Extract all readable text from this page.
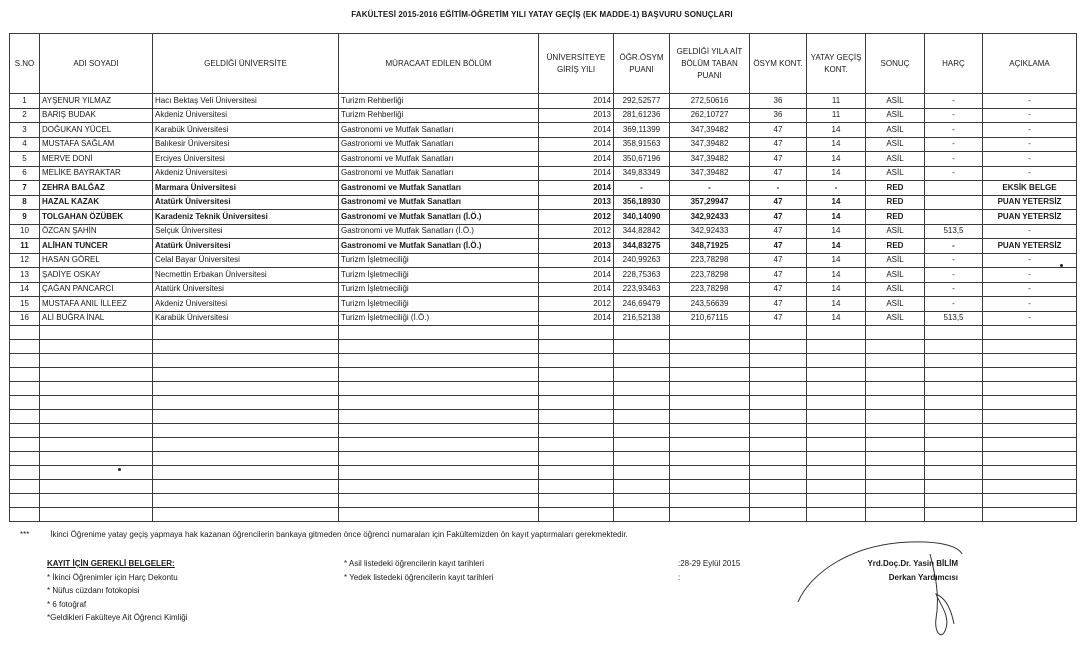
FAKÜLTESİ 2015-2016 EĞİTİM-ÖĞRETİM YILI YATAY GEÇİŞ (EK MADDE-1) BAŞVURU SONUÇLARI
S.NO	ADI SOYADI	GELDİĞİ ÜNİVERSİTE	MÜRACAAT EDİLEN BÖLÜM	ÜNİVERSİTEYE GİRİŞ YILI	ÖĞR.ÖSYM PUANI	GELDİĞİ YILA AİT BÖLÜM TABAN PUANI	ÖSYM KONT.	YATAY GEÇİŞ KONT.	SONUÇ	HARÇ	AÇIKLAMA
1	AYŞENUR YILMAZ	Hacı Bektaş Veli Üniversitesi	Turizm Rehberliği	2014	292,52577	272,50616	36	11	ASİL	-	-
2	BARIŞ BUDAK	Akdeniz Üniversitesi	Turizm Rehberliği	2013	281,61236	262,10727	36	11	ASİL	-	-
3	DOĞUKAN YÜCEL	Karabük Üniversitesi	Gastronomi ve Mutfak Sanatları	2014	369,11399	347,39482	47	14	ASİL	-	-
4	MUSTAFA SAĞLAM	Balıkesir Üniversitesi	Gastronomi ve Mutfak Sanatları	2014	358,91563	347,39482	47	14	ASİL	-	-
5	MERVE DONİ	Erciyes Üniversitesi	Gastronomi ve Mutfak Sanatları	2014	350,67196	347,39482	47	14	ASİL	-	-
6	MELİKE BAYRAKTAR	Akdeniz Üniversitesi	Gastronomi ve Mutfak Sanatları	2014	349,83349	347,39482	47	14	ASİL	-	-
7	ZEHRA BALĞAZ	Marmara Üniversitesi	Gastronomi ve Mutfak Sanatları	2014	-	-	-	-	RED		EKSİK BELGE
8	HAZAL KAZAK	Atatürk Üniversitesi	Gastronomi ve Mutfak Sanatları	2013	356,18930	357,29947	47	14	RED		PUAN YETERSİZ
9	TOLGAHAN ÖZÜBEK	Karadeniz Teknik Üniversitesi	Gastronomi ve Mutfak Sanatları (İ.Ö.)	2012	340,14090	342,92433	47	14	RED		PUAN YETERSİZ
10	ÖZCAN ŞAHİN	Selçuk Üniversitesi	Gastronomi ve Mutfak Sanatları (İ.Ö.)	2012	344,82842	342,92433	47	14	ASİL	513,5	-
11	ALİHAN TUNCER	Atatürk Üniversitesi	Gastronomi ve Mutfak Sanatları (İ.Ö.)	2013	344,83275	348,71925	47	14	RED	-	PUAN YETERSİZ
12	HASAN GÖREL	Celal Bayar Üniversitesi	Turizm İşletmeciliği	2014	240,99263	223,78298	47	14	ASİL	-	-
13	ŞADİYE OSKAY	Necmettin Erbakan Üniversitesi	Turizm İşletmeciliği	2014	228,75363	223,78298	47	14	ASİL	-	-
14	ÇAĞAN PANCARCI	Atatürk Üniversitesi	Turizm İşletmeciliği	2014	223,93463	223,78298	47	14	ASİL	-	-
15	MUSTAFA ANIL İLLEEZ	Akdeniz Üniversitesi	Turizm İşletmeciliği	2012	246,69479	243,56639	47	14	ASİL	-	-
16	ALİ BUĞRA İNAL	Karabük Üniversitesi	Turizm İşletmeciliği (İ.Ö.)	2014	216,52138	210,67115	47	14	ASİL	513,5	-

***	İkinci Öğrenime yatay geçiş yapmaya hak kazanan öğrencilerin bankaya gitmeden önce öğrenci numaraları için Fakültemizden ön kayıt yaptırmaları gerekmektedir.
KAYIT İÇİN GEREKLİ BELGELER:
* İkinci Öğrenimler için Harç Dekontu
* Nüfus cüzdanı fotokopisi
* 6 fotoğraf
*Geldikleri Fakülteye Ait Öğrenci Kimliği
* Asil listedeki öğrencilerin kayıt tarihleri
* Yedek listedeki öğrencilerin kayıt tarihleri
:28-29 Eylül 2015
:
Yrd.Doç.Dr. Yasin BİLİM
Derkan Yardımcısı
